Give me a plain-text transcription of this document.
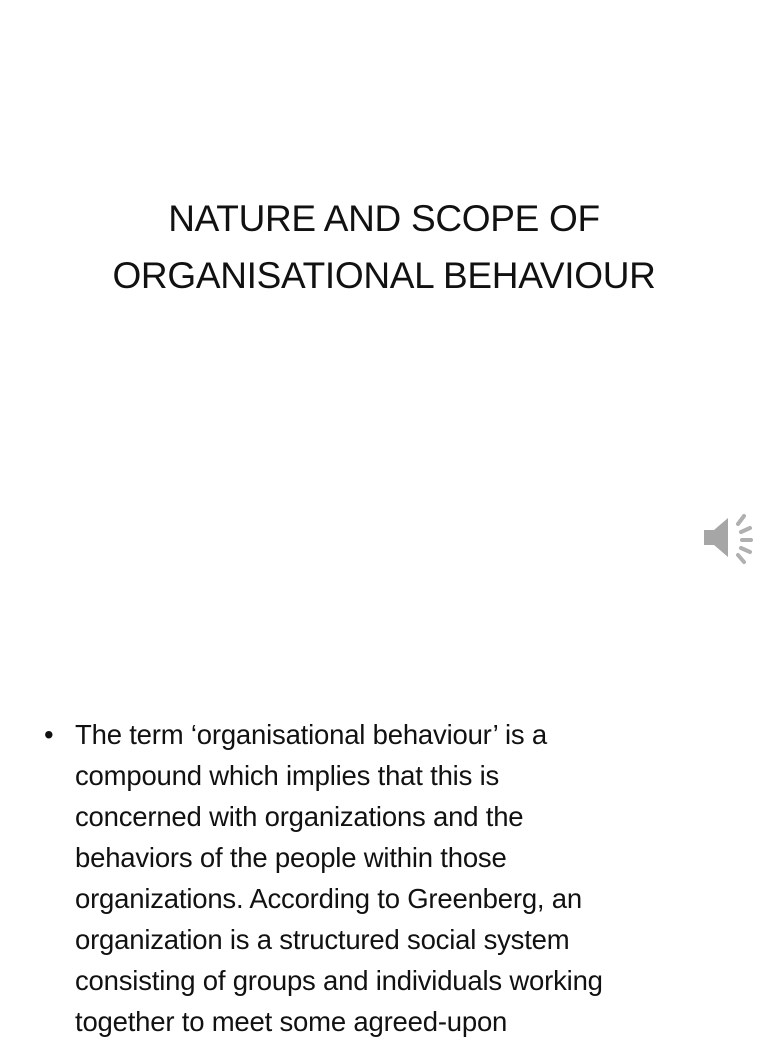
NATURE AND SCOPE OF
ORGANISATIONAL BEHAVIOUR
• The term ‘organisational behaviour’ is a
compound which implies that this is
concerned with organizations and the
behaviors of the people within those
organizations. According to Greenberg, an
organization is a structured social system
consisting of groups and individuals working
together to meet some agreed-upon
